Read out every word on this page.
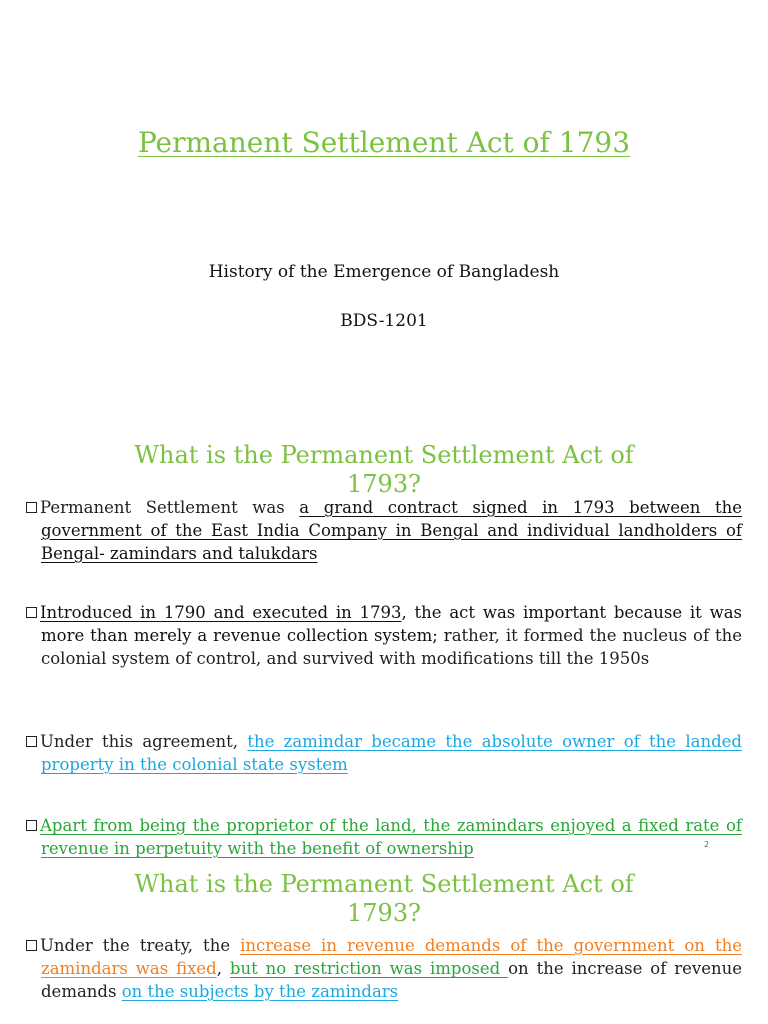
Permanent Settlement Act of 1793
History of the Emergence of Bangladesh
BDS-1201
What is the Permanent Settlement Act of
1793?
Permanent Settlement was a grand contract signed in 1793 between the government of the East India Company in Bengal and individual landholders of Bengal- zamindars and talukdars
Introduced in 1790 and executed in 1793, the act was important because it was more than merely a revenue collection system; rather, it formed the nucleus of the colonial system of control, and survived with modifications till the 1950s
Under this agreement, the zamindar became the absolute owner of the landed property in the colonial state system
Apart from being the proprietor of the land, the zamindars enjoyed a fixed rate of revenue in perpetuity with the benefit of ownership	2
What is the Permanent Settlement Act of
1793?
Under the treaty, the increase in revenue demands of the government on the zamindars was fixed, but no restriction was imposed on the increase of revenue demands on the subjects by the zamindars
